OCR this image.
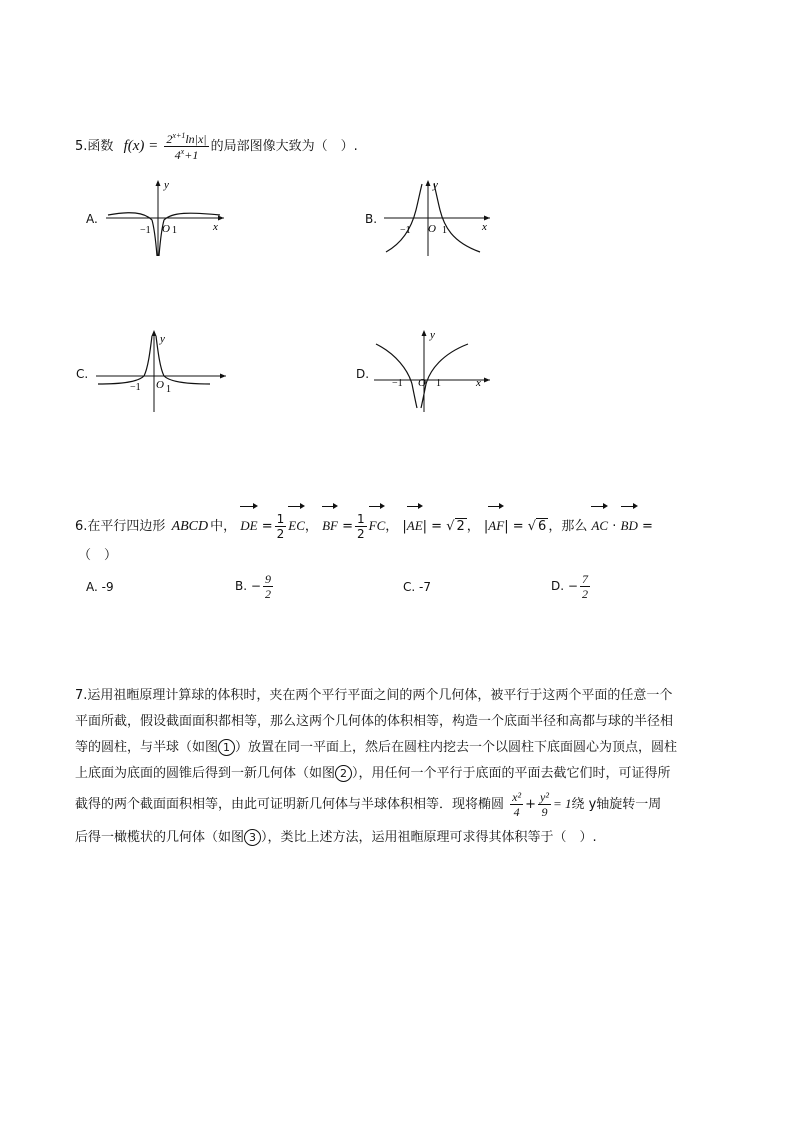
5.函数 $f(x) = \frac{2^{x+1}\ln|x|}{4^x+1}$ 的局部图像大致为（　）.
A.
y
x
O
−1 1
B.
y
x
O
−1	1
C.
y
O
−1	1
D.
y
x
O
−1	1
6.在平行四边形 ABCD 中， DE = $\frac{1}{2}$ EC， BF = $\frac{1}{2}$ FC， |AE| = √ 2 ， |AF| = √ 6 ，那么 AC · BD =
（　）
A. -9	B. − $\frac{9}{2}$	C. -7	D. − $\frac{7}{2}$
7.运用祖暅原理计算球的体积时，夹在两个平行平面之间的两个几何体，被平行于这两个平面的任意一个
平面所截，假设截面面积都相等，那么这两个几何体的体积相等，构造一个底面半径和高都与球的半径相
等的圆柱，与半球（如图 1 ）放置在同一平面上，然后在圆柱内挖去一个以圆柱下底面圆心为顶点，圆柱
上底面为底面的圆锥后得到一新几何体（如图 2 ），用任何一个平行于底面的平面去截它们时，可证得所
截得的两个截面面积相等，由此可证明新几何体与半球体积相等．现将椭圆 $\frac{\text{x²}}{4} + \frac{\text{y²}}{9} = 1$绕 y轴旋转一周
后得一橄榄状的几何体（如图 3 ），类比上述方法，运用祖暅原理可求得其体积等于（　）.
